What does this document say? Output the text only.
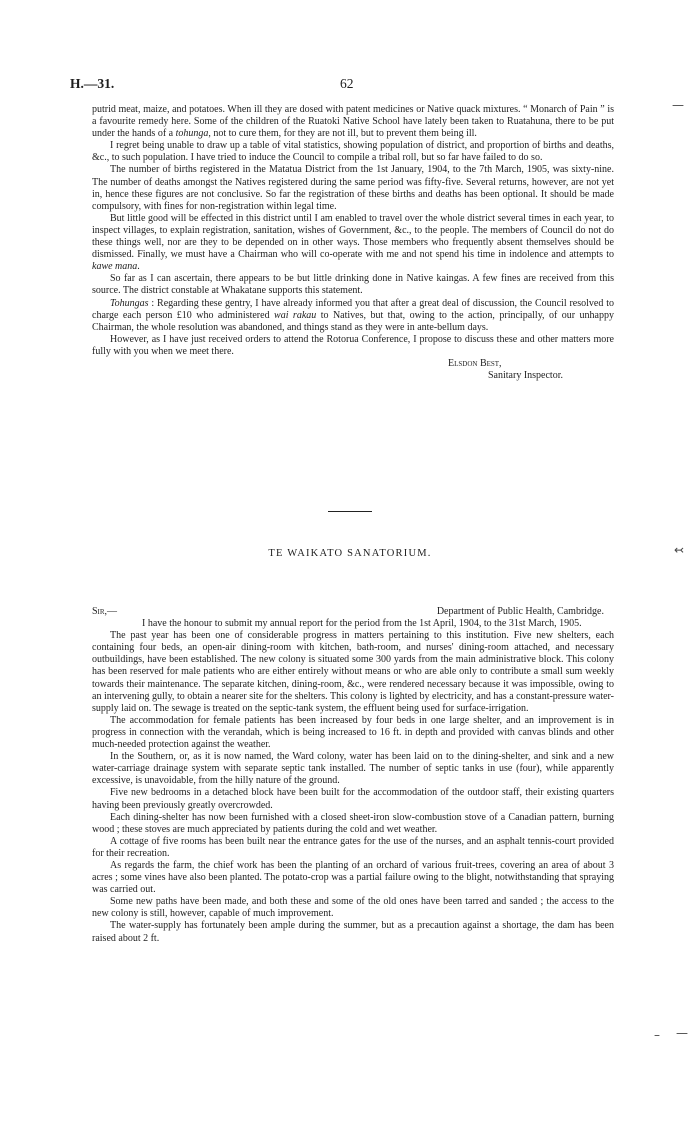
H.—31.	62
—

putrid meat, maize, and potatoes. When ill they are dosed with patent medicines or Native quack mixtures. “ Monarch of Pain ” is a favourite remedy here. Some of the children of the Ruatoki Native School have lately been taken to Ruatahuna, there to be put under the hands of a tohunga, not to cure them, for they are not ill, but to prevent them being ill.

I regret being unable to draw up a table of vital statistics, showing population of district, and proportion of births and deaths, &c., to such population. I have tried to induce the Council to compile a tribal roll, but so far have failed to do so.

The number of births registered in the Matatua District from the 1st January, 1904, to the 7th March, 1905, was sixty-nine. The number of deaths amongst the Natives registered during the same period was fifty-five. Several returns, however, are not yet in, hence these figures are not conclusive. So far the registration of these births and deaths has been optional. It should be made compulsory, with fines for non-registration within legal time.

But little good will be effected in this district until I am enabled to travel over the whole district several times in each year, to inspect villages, to explain registration, sanitation, wishes of Government, &c., to the people. The members of Council do not do these things well, nor are they to be depended on in other ways. Those members who frequently absent themselves should be dismissed. Finally, we must have a Chairman who will co-operate with me and not spend his time in indolence and attempts to kawe mana.

So far as I can ascertain, there appears to be but little drinking done in Native kaingas. A few fines are received from this source. The district constable at Whakatane supports this statement.

Tohungas : Regarding these gentry, I have already informed you that after a great deal of discussion, the Council resolved to charge each person £10 who administered wai rakau to Natives, but that, owing to the action, principally, of our unhappy Chairman, the whole resolution was abandoned, and things stand as they were in ante-bellum days.

However, as I have just received orders to attend the Rotorua Conference, I propose to discuss these and other matters more fully with you when we meet there.

Elsdon Best,
Sanitary Inspector.

TE WAIKATO SANATORIUM.	↢
Sir,—	Department of Public Health, Cambridge.

I have the honour to submit my annual report for the period from the 1st April, 1904, to the 31st March, 1905.

The past year has been one of considerable progress in matters pertaining to this institution. Five new shelters, each containing four beds, an open-air dining-room with kitchen, bath-room, and nurses' dining-room attached, and necessary outbuildings, have been established. The new colony is situated some 300 yards from the main administrative block. This colony has been reserved for male patients who are either entirely without means or who are able only to contribute a small sum weekly towards their maintenance. The separate kitchen, dining-room, &c., were rendered necessary because it was impossible, owing to an intervening gully, to obtain a nearer site for the shelters. This colony is lighted by electricity, and has a constant-pressure water-supply laid on. The sewage is treated on the septic-tank system, the effluent being used for surface-irrigation.

The accommodation for female patients has been increased by four beds in one large shelter, and an improvement is in progress in connection with the verandah, which is being increased to 16 ft. in depth and provided with canvas blinds and other much-needed protection against the weather.

In the Southern, or, as it is now named, the Ward colony, water has been laid on to the dining-shelter, and sink and a new water-carriage drainage system with separate septic tank installed. The number of septic tanks in use (four), while apparently excessive, is unavoidable, from the hilly nature of the ground.

Five new bedrooms in a detached block have been built for the accommodation of the outdoor staff, their existing quarters having been previously greatly overcrowded.

Each dining-shelter has now been furnished with a closed sheet-iron slow-combustion stove of a Canadian pattern, burning wood ; these stoves are much appreciated by patients during the cold and wet weather.

A cottage of five rooms has been built near the entrance gates for the use of the nurses, and an asphalt tennis-court provided for their recreation.

As regards the farm, the chief work has been the planting of an orchard of various fruit-trees, covering an area of about 3 acres ; some vines have also been planted. The potato-crop was a partial failure owing to the blight, notwithstanding that spraying was carried out.

Some new paths have been made, and both these and some of the old ones have been tarred and sanded ; the access to the new colony is still, however, capable of much improvement.

The water-supply has fortunately been ample during the summer, but as a precaution against a shortage, the dam has been raised about 2 ft.

– —
